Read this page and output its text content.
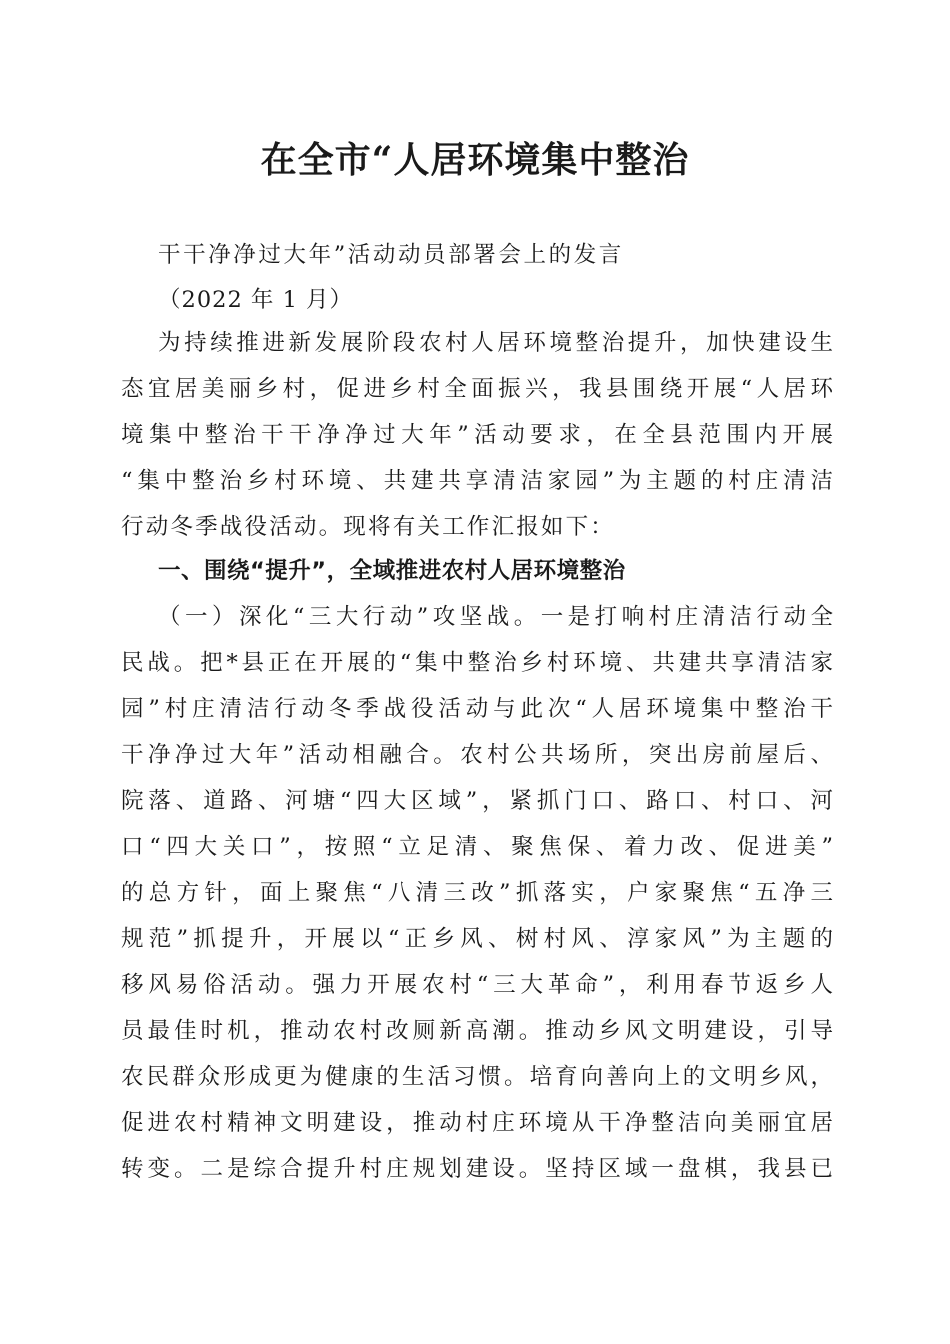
在全市“人居环境集中整治

干干净净过大年”活动动员部署会上的发言

（2022 年 1 月）

为持续推进新发展阶段农村人居环境整治提升，加快建设生

态宜居美丽乡村，促进乡村全面振兴，我县围绕开展“人居环

境集中整治干干净净过大年”活动要求，在全县范围内开展

“集中整治乡村环境、共建共享清洁家园”为主题的村庄清洁

行动冬季战役活动。现将有关工作汇报如下：

一、围绕“提升”，全域推进农村人居环境整治

（一）深化“三大行动”攻坚战。一是打响村庄清洁行动全

民战。把*县正在开展的“集中整治乡村环境、共建共享清洁家

园”村庄清洁行动冬季战役活动与此次“人居环境集中整治干

干净净过大年”活动相融合。农村公共场所，突出房前屋后、

院落、道路、河塘“四大区域”，紧抓门口、路口、村口、河

口“四大关口”，按照“立足清、聚焦保、着力改、促进美”

的总方针，面上聚焦“八清三改”抓落实，户家聚焦“五净三

规范”抓提升，开展以“正乡风、树村风、淳家风”为主题的

移风易俗活动。强力开展农村“三大革命”，利用春节返乡人

员最佳时机，推动农村改厕新高潮。推动乡风文明建设，引导

农民群众形成更为健康的生活习惯。培育向善向上的文明乡风，

促进农村精神文明建设，推动村庄环境从干净整洁向美丽宜居

转变。二是综合提升村庄规划建设。坚持区域一盘棋，我县已
